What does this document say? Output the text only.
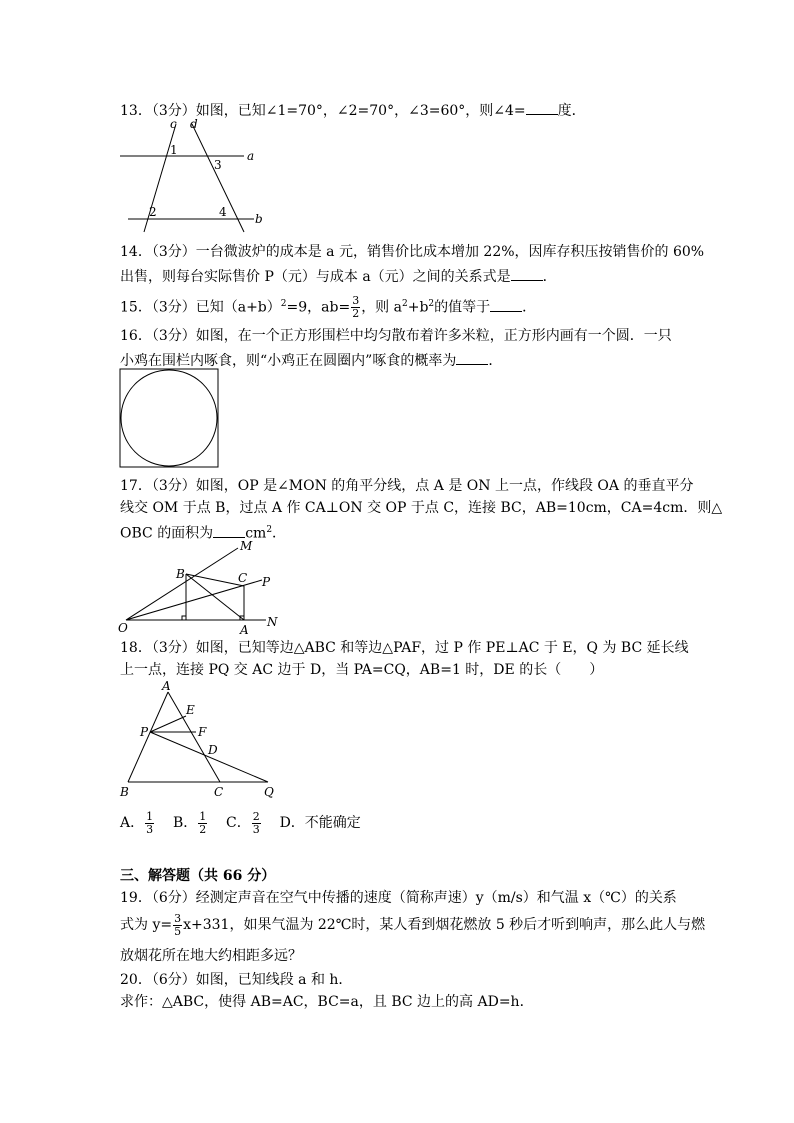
13．（3分）如图，已知∠1=70°，∠2=70°，∠3=60°，则∠4= 度．
c d
a
b
1
2
3
4
14．（3分）一台微波炉的成本是 a 元，销售价比成本增加 22%，因库存积压按销售价的 60%
出售，则每台实际售价 P（元）与成本 a（元）之间的关系式是 ．
15．（3分）已知$(a+b)^2=9$，$ab= \frac{3}{2}$ ，则 $a^2+b^2$的值等于 ．
16．（3分）如图，在一个正方形围栏中均匀散布着许多米粒，正方形内画有一个圆．一只
小鸡在围栏内啄食，则“小鸡正在圆圈内”啄食的概率为 ．
17．（3分）如图，OP 是∠MON 的角平分线，点 A 是 ON 上一点，作线段 OA 的垂直平分
线交 OM 于点 B，过点 A 作 CA⊥ON 交 OP 于点 C，连接 BC，AB=10cm，CA=4cm．则△
OBC 的面积为 $cm^2$．
M
B	C P
O	A
N
18．（3分）如图，已知等边△ABC 和等边△PAF，过 P 作 PE⊥AC 于 E，Q 为 BC 延长线
上一点，连接 PQ 交 AC 边于 D，当 PA=CQ，AB=1 时，DE 的长（　　）
A
E
P	F
D
B	C	Q
A． $\frac{1}{3}$ B． $\frac{1}{2}$ C． $\frac{2}{3}$ D．不能确定
三、解答题（共 66 分）
19．（6分）经测定声音在空气中传播的速度（简称声速）y（m/s）和气温 x（℃）的关系
式为 $y= \frac{3}{5} x+331$，如果气温为 22℃时，某人看到烟花燃放 5 秒后才听到响声，那么此人与燃
放烟花所在地大约相距多远？
20．（6分）如图，已知线段 a 和 h．
求作：△ABC，使得 AB=AC，BC=a，且 BC 边上的高 AD=h．
